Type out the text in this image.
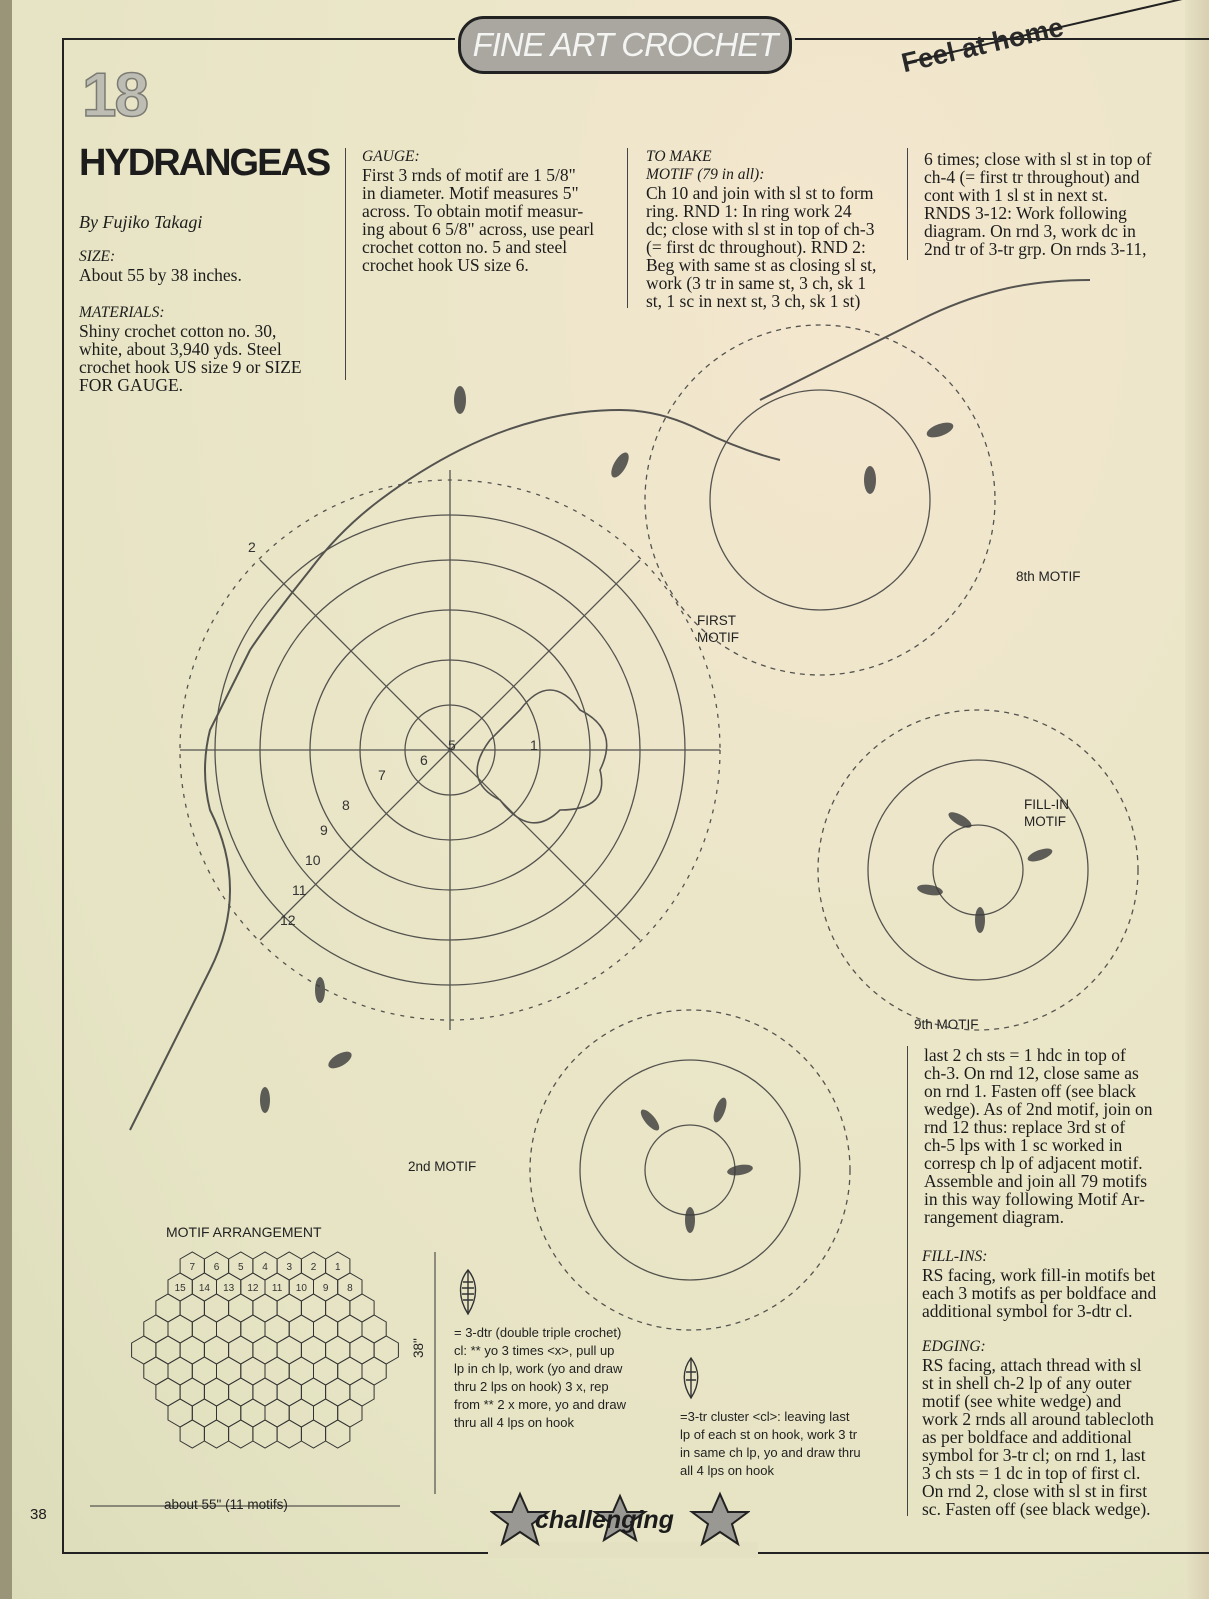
FINE ART CROCHET
18
HYDRANGEAS
By Fujiko Takagi

SIZE:

About 55 by 38 inches.

MATERIALS:

Shiny crochet cotton no. 30,

white, about 3,940 yds. Steel

crochet hook US size 9 or SIZE

FOR GAUGE.

GAUGE:

First 3 rnds of motif are 1 5/8"

in diameter. Motif measures 5"

across. To obtain motif measur-

ing about 6 5/8" across, use pearl

crochet cotton no. 5 and steel

crochet hook US size 6.

TO MAKE

MOTIF (79 in all):

Ch 10 and join with sl st to form

ring. RND 1: In ring work 24

dc; close with sl st in top of ch-3

(= first dc throughout). RND 2:

Beg with same st as closing sl st,

work (3 tr in same st, 3 ch, sk 1

st, 1 sc in next st, 3 ch, sk 1 st)

6 times; close with sl st in top of

ch-4 (= first tr throughout) and

cont with 1 sl st in next st.

RNDS 3-12: Work following

diagram. On rnd 3, work dc in

2nd tr of 3-tr grp. On rnds 3-11,

1
2
5
6
7
8
9
10
11
12
FIRST
MOTIF
8th MOTIF
FILL-IN
MOTIF
9th MOTIF
2nd MOTIF

last 2 ch sts = 1 hdc in top of

ch-3. On rnd 12, close same as

on rnd 1. Fasten off (see black

wedge). As of 2nd motif, join on

rnd 12 thus: replace 3rd st of

ch-5 lps with 1 sc worked in

corresp ch lp of adjacent motif.

Assemble and join all 79 motifs

in this way following Motif Ar-

rangement diagram.

FILL-INS:

RS facing, work fill-in motifs bet

each 3 motifs as per boldface and

additional symbol for 3-dtr cl.

EDGING:

RS facing, attach thread with sl

st in shell ch-2 lp of any outer

motif (see white wedge) and

work 2 rnds all around tablecloth

as per boldface and additional

symbol for 3-tr cl; on rnd 1, last

3 ch sts = 1 dc in top of first cl.

On rnd 2, close with sl st in first

sc. Fasten off (see black wedge).

MOTIF ARRANGEMENT
7 6 5 4 3 2 1
15 14 13 12 11 10 9 8
about 55" (11 motifs)
38"
= 3-dtr (double triple crochet)
cl: ** yo 3 times <x>, pull up
lp in ch lp, work (yo and draw
thru 2 lps on hook) 3 x, rep
from ** 2 x more, yo and draw
thru all 4 lps on hook	=3-tr cluster <cl>: leaving last
lp of each st on hook, work 3 tr
in same ch lp, yo and draw thru
all 4 lps on hook
38	challenging
